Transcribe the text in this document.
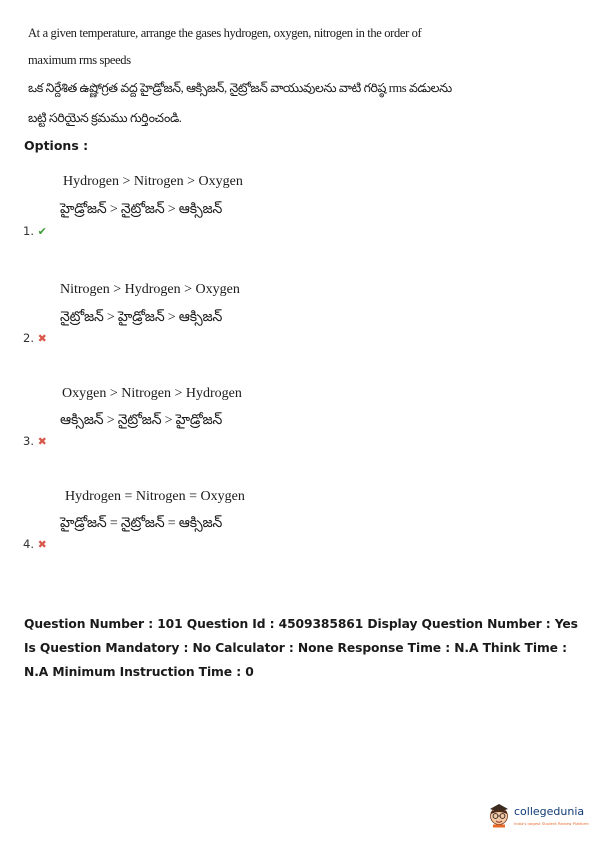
At a given temperature, arrange the gases hydrogen, oxygen, nitrogen in the order of maximum rms speeds
ఒక నిర్దేశిత ఉష్ణోగ్రత వద్ద హైడ్రోజన్, ఆక్సిజన్, నైట్రోజన్ వాయువులను వాటి గరిష్ఠ rms వడులను బట్టి సరియైన క్రమము గుర్తించండి.
Options :
Hydrogen > Nitrogen > Oxygen
హైడ్రోజన్ > నైట్రోజన్ > ఆక్సిజన్
1. ✔
Nitrogen > Hydrogen > Oxygen
నైట్రోజన్ > హైడ్రోజన్ > ఆక్సిజన్
2. ✖
Oxygen > Nitrogen > Hydrogen
ఆక్సిజన్ > నైట్రోజన్ > హైడ్రోజన్
3. ✖
Hydrogen = Nitrogen = Oxygen
హైడ్రోజన్ = నైట్రోజన్ = ఆక్సిజన్
4. ✖
Question Number : 101 Question Id : 4509385861 Display Question Number : Yes Is Question Mandatory : No Calculator : None Response Time : N.A Think Time : N.A Minimum Instruction Time : 0
collegedunia
India's largest Student Review Platform
